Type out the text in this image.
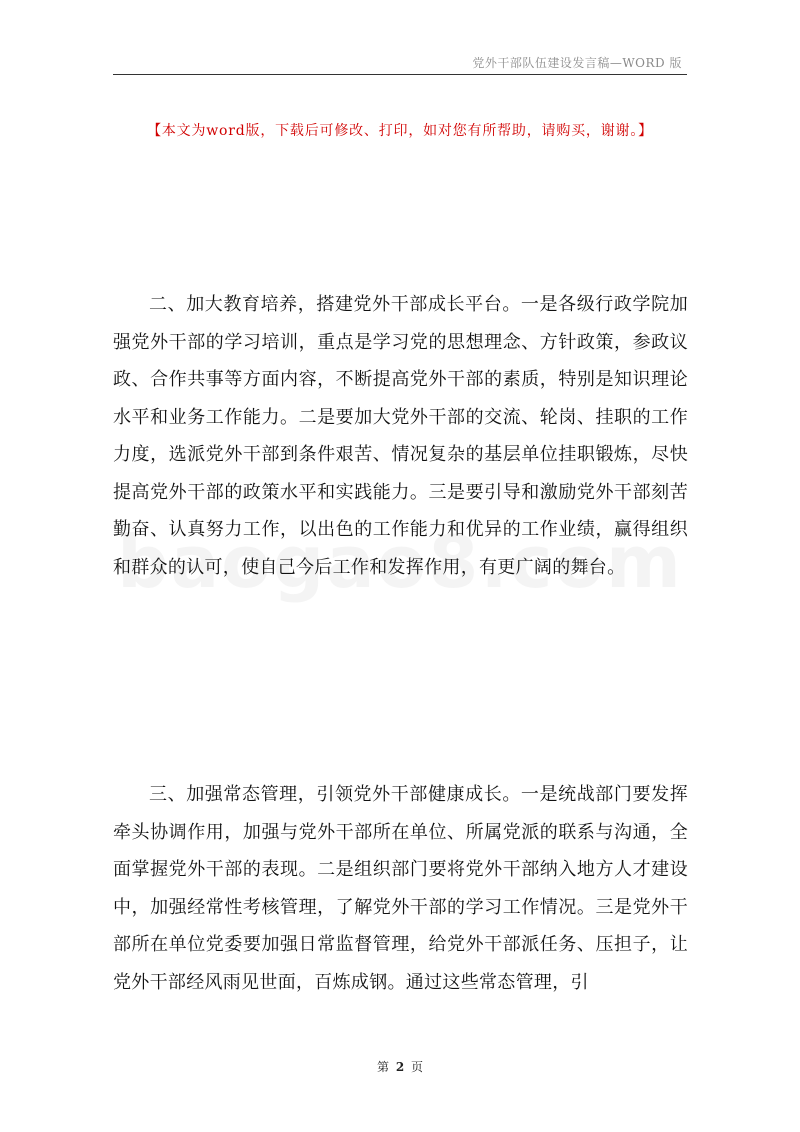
党外干部队伍建设发言稿—WORD 版
【本文为word版，下载后可修改、打印，如对您有所帮助，请购买，谢谢。】

二、加大教育培养，搭建党外干部成长平台。一是各级行政学院加强党外干部的学习培训，重点是学习党的思想理念、方针政策，参政议政、合作共事等方面内容，不断提高党外干部的素质，特别是知识理论水平和业务工作能力。二是要加大党外干部的交流、轮岗、挂职的工作力度，选派党外干部到条件艰苦、情况复杂的基层单位挂职锻炼，尽快提高党外干部的政策水平和实践能力。三是要引导和激励党外干部刻苦勤奋、认真努力工作，以出色的工作能力和优异的工作业绩，赢得组织和群众的认可，使自己今后工作和发挥作用，有更广阔的舞台。

三、加强常态管理，引领党外干部健康成长。一是统战部门要发挥牵头协调作用，加强与党外干部所在单位、所属党派的联系与沟通，全面掌握党外干部的表现。二是组织部门要将党外干部纳入地方人才建设中，加强经常性考核管理，了解党外干部的学习工作情况。三是党外干部所在单位党委要加强日常监督管理，给党外干部派任务、压担子，让党外干部经风雨见世面，百炼成钢。通过这些常态管理，引

第 2 页
